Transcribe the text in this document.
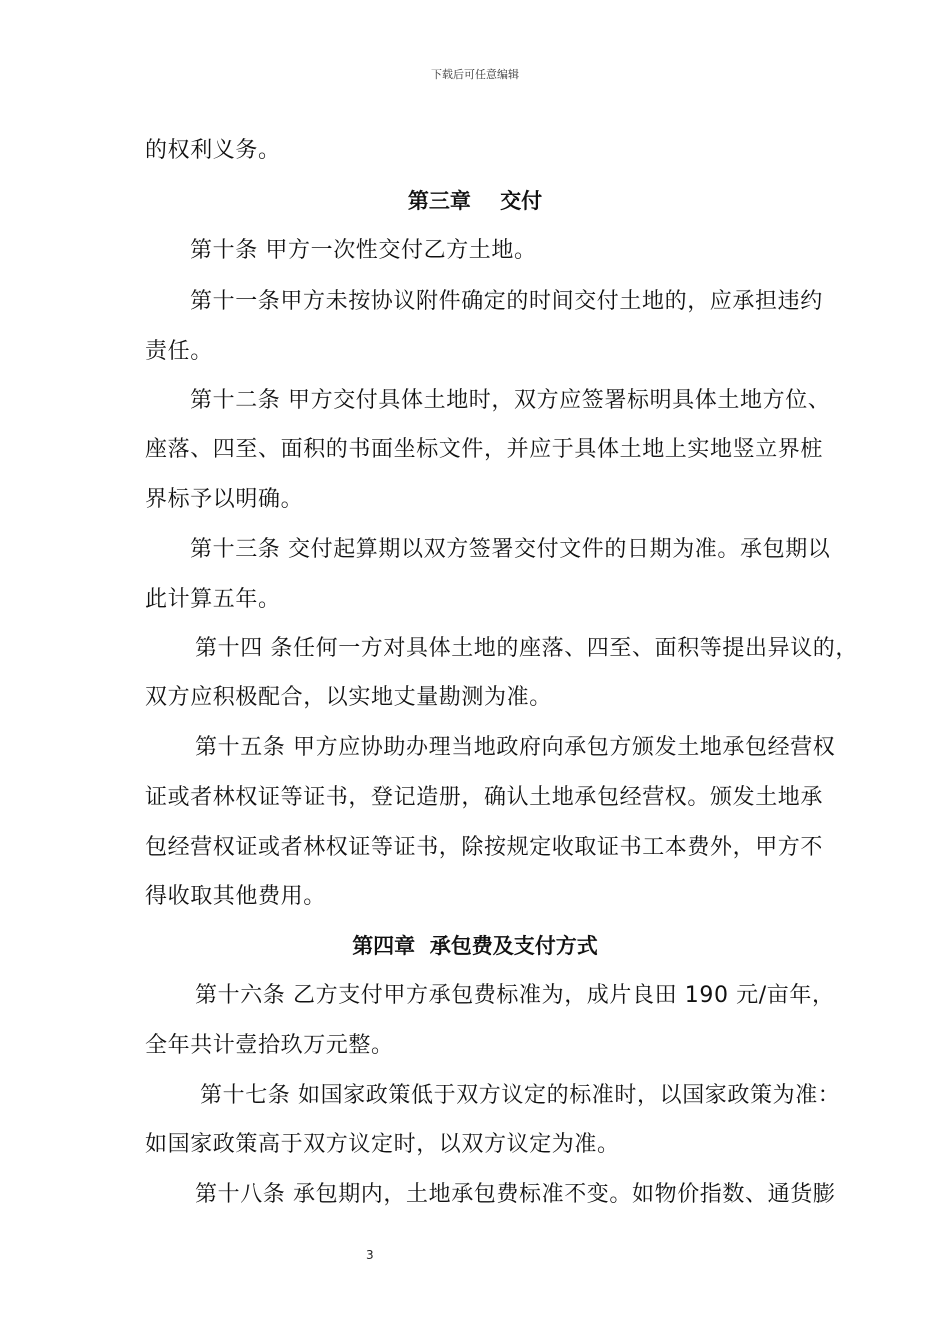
下载后可任意编辑
的权利义务。
第三章    交付
第十条 甲方一次性交付乙方土地。
第十一条甲方未按协议附件确定的时间交付土地的，应承担违约
责任。
第十二条 甲方交付具体土地时，双方应签署标明具体土地方位、
座落、四至、面积的书面坐标文件，并应于具体土地上实地竖立界桩
界标予以明确。
第十三条 交付起算期以双方签署交付文件的日期为准。承包期以
此计算五年。
第十四 条任何一方对具体土地的座落、四至、面积等提出异议的，
双方应积极配合，以实地丈量勘测为准。
第十五条 甲方应协助办理当地政府向承包方颁发土地承包经营权
证或者林权证等证书，登记造册，确认土地承包经营权。颁发土地承
包经营权证或者林权证等证书，除按规定收取证书工本费外，甲方不
得收取其他费用。
第四章  承包费及支付方式
第十六条 乙方支付甲方承包费标准为，成片良田 190 元/亩年，
全年共计壹拾玖万元整。
第十七条 如国家政策低于双方议定的标准时，以国家政策为准：
如国家政策高于双方议定时，以双方议定为准。
第十八条 承包期内，土地承包费标准不变。如物价指数、通货膨
3
